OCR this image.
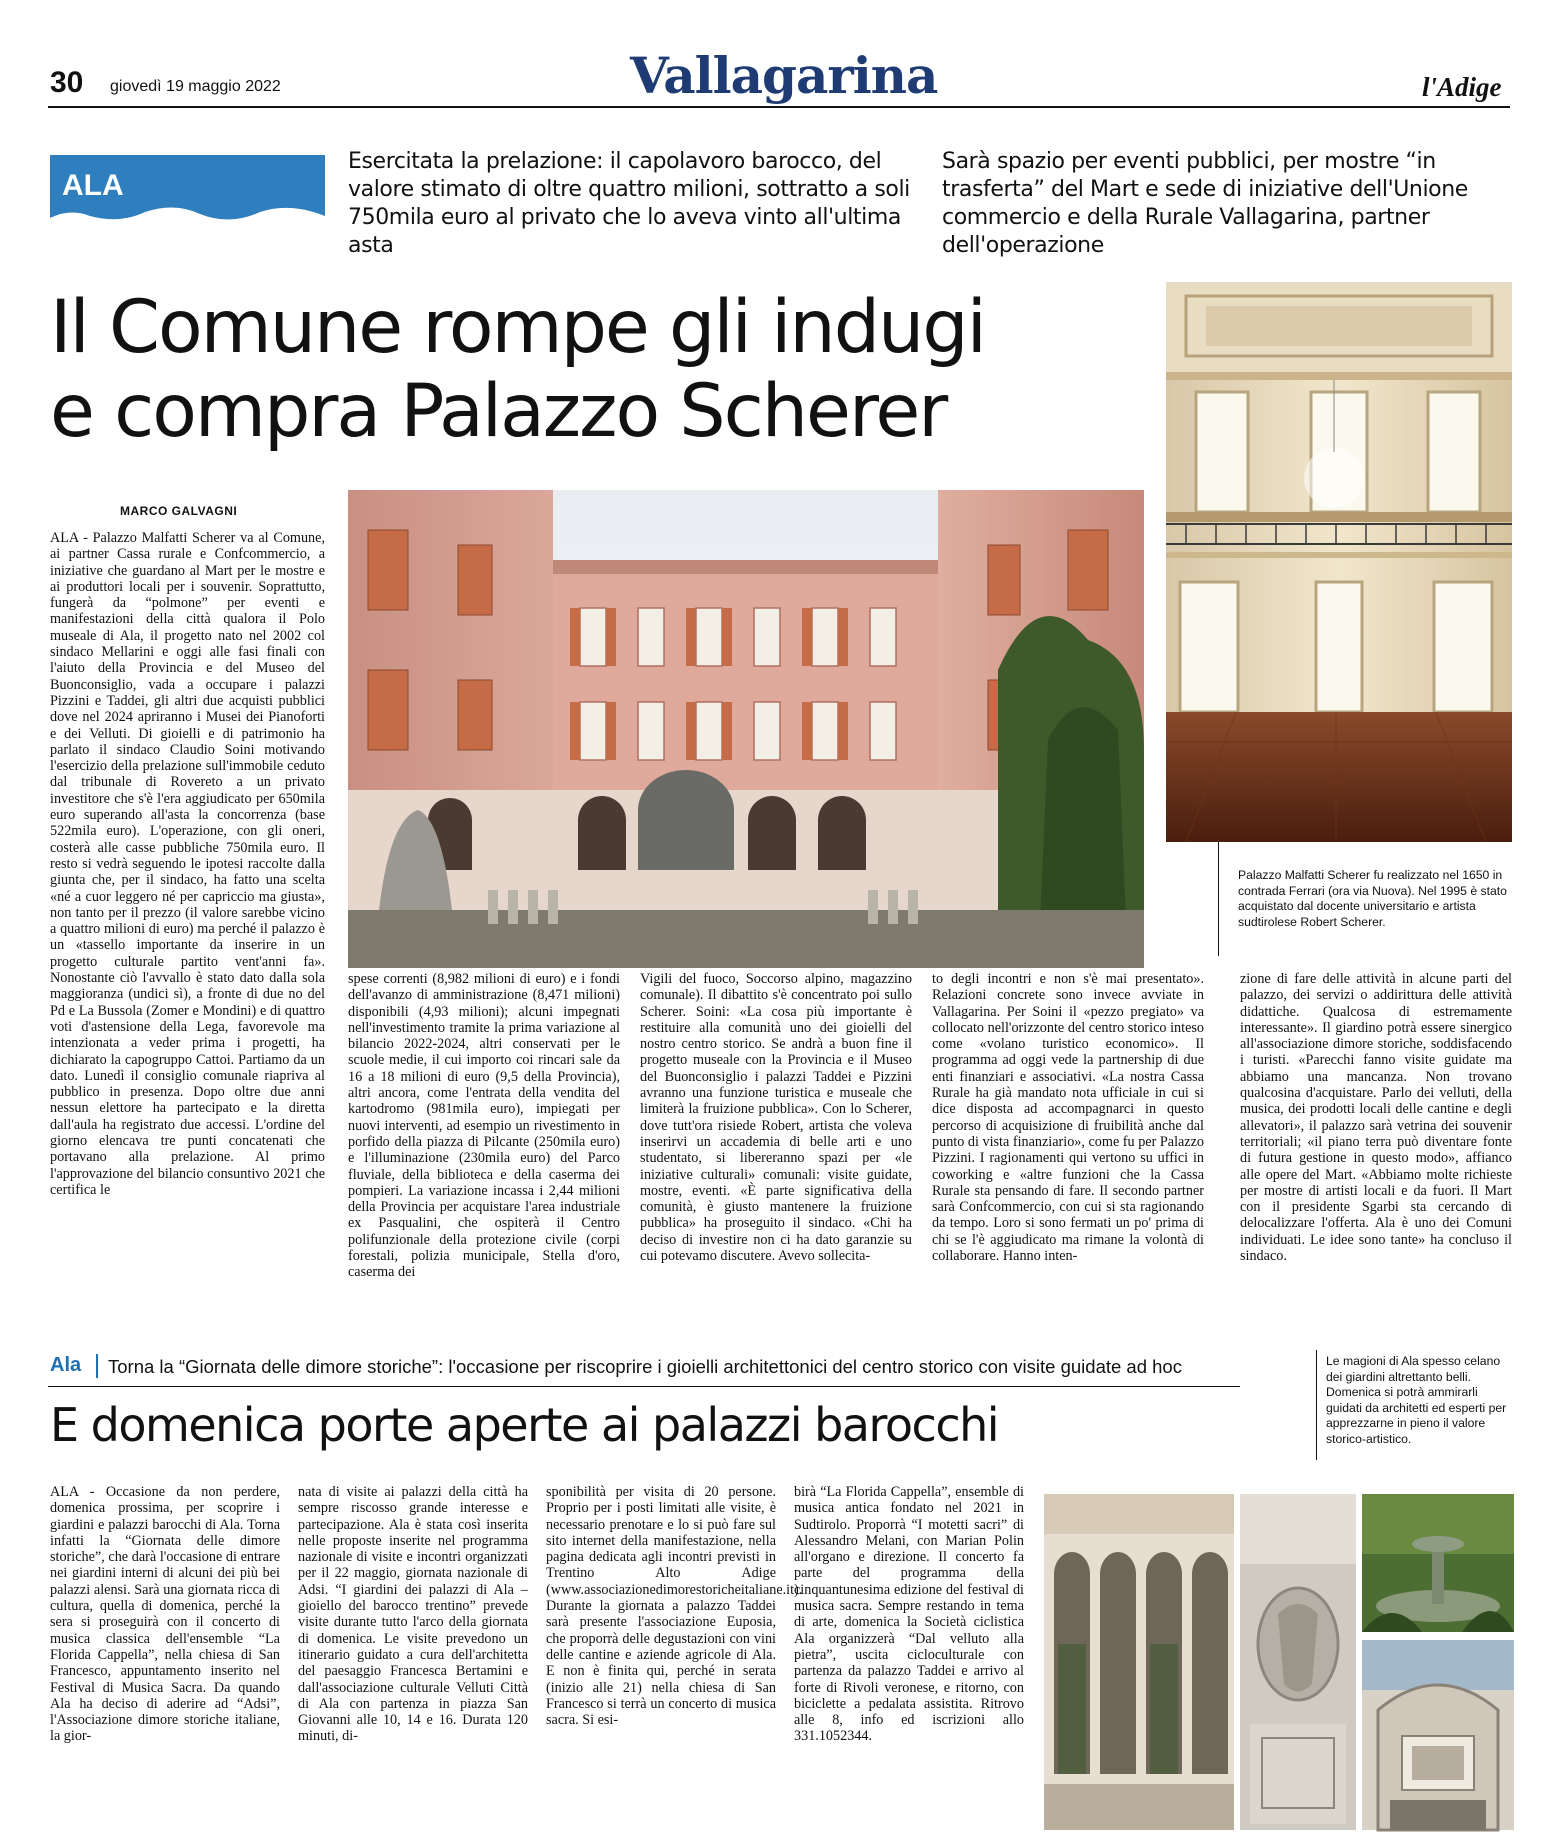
30 giovedì 19 maggio 2022	Vallagarina	l'Adige
ALA
Esercitata la prelazione: il capolavoro barocco, del valore stimato di oltre quattro milioni, sottratto a soli 750mila euro al privato che lo aveva vinto all'ultima asta
Sarà spazio per eventi pubblici, per mostre “in trasferta” del Mart e sede di iniziative dell'Unione commercio e della Rurale Vallagarina, partner dell'operazione
Il Comune rompe gli indugi
e compra Palazzo Scherer
Palazzo Malfatti Scherer fu realizzato nel 1650 in contrada Ferrari (ora via Nuova). Nel 1995 è stato acquistato dal docente universitario e artista sudtirolese Robert Scherer.
MARCO GALVAGNI
ALA - Palazzo Malfatti Scherer va al Comune, ai partner Cassa rurale e Confcommercio, a iniziative che guardano al Mart per le mostre e ai produttori locali per i souvenir. Soprattutto, fungerà da “polmone” per eventi e manifestazioni della città qualora il Polo museale di Ala, il progetto nato nel 2002 col sindaco Mellarini e oggi alle fasi finali con l'aiuto della Provincia e del Museo del Buonconsiglio, vada a occupare i palazzi Pizzini e Taddei, gli altri due acquisti pubblici dove nel 2024 apriranno i Musei dei Pianoforti e dei Velluti. Di gioielli e di patrimonio ha parlato il sindaco Claudio Soini motivando l'esercizio della prelazione sull'immobile ceduto dal tribunale di Rovereto a un privato investitore che s'è l'era aggiudicato per 650mila euro superando all'asta la concorrenza (base 522mila euro). L'operazione, con gli oneri, costerà alle casse pubbliche 750mila euro. Il resto si vedrà seguendo le ipotesi raccolte dalla giunta che, per il sindaco, ha fatto una scelta «né a cuor leggero né per capriccio ma giusta», non tanto per il prezzo (il valore sarebbe vicino a quattro milioni di euro) ma perché il palazzo è un «tassello importante da inserire in un progetto culturale partito vent'anni fa». Nonostante ciò l'avvallo è stato dato dalla sola maggioranza (undici sì), a fronte di due no del Pd e La Bussola (Zomer e Mondini) e di quattro voti d'astensione della Lega, favorevole ma intenzionata a veder prima i progetti, ha dichiarato la capogruppo Cattoi. Partiamo da un dato. Lunedì il consiglio comunale riapriva al pubblico in presenza. Dopo oltre due anni nessun elettore ha partecipato e la diretta dall'aula ha registrato due accessi. L'ordine del giorno elencava tre punti concatenati che portavano alla prelazione. Al primo l'approvazione del bilancio consuntivo 2021 che certifica le
spese correnti (8,982 milioni di euro) e i fondi dell'avanzo di amministrazione (8,471 milioni) disponibili (4,93 milioni); alcuni impegnati nell'investimento tramite la prima variazione al bilancio 2022-2024, altri conservati per le scuole medie, il cui importo coi rincari sale da 16 a 18 milioni di euro (9,5 della Provincia), altri ancora, come l'entrata della vendita del kartodromo (981mila euro), impiegati per nuovi interventi, ad esempio un rivestimento in porfido della piazza di Pilcante (250mila euro) e l'illuminazione (230mila euro) del Parco fluviale, della biblioteca e della caserma dei pompieri. La variazione incassa i 2,44 milioni della Provincia per acquistare l'area industriale ex Pasqualini, che ospiterà il Centro polifunzionale della protezione civile (corpi forestali, polizia municipale, Stella d'oro, caserma dei
Vigili del fuoco, Soccorso alpino, magazzino comunale). Il dibattito s'è concentrato poi sullo Scherer. Soini: «La cosa più importante è restituire alla comunità uno dei gioielli del nostro centro storico. Se andrà a buon fine il progetto museale con la Provincia e il Museo del Buonconsiglio i palazzi Taddei e Pizzini avranno una funzione turistica e museale che limiterà la fruizione pubblica». Con lo Scherer, dove tutt'ora risiede Robert, artista che voleva inserirvi un accademia di belle arti e uno studentato, si libereranno spazi per «le iniziative culturali» comunali: visite guidate, mostre, eventi. «È parte significativa della comunità, è giusto mantenere la fruizione pubblica» ha proseguito il sindaco. «Chi ha deciso di investire non ci ha dato garanzie su cui potevamo discutere. Avevo sollecita-
to degli incontri e non s'è mai presentato». Relazioni concrete sono invece avviate in Vallagarina. Per Soini il «pezzo pregiato» va collocato nell'orizzonte del centro storico inteso come «volano turistico economico». Il programma ad oggi vede la partnership di due enti finanziari e associativi. «La nostra Cassa Rurale ha già mandato nota ufficiale in cui si dice disposta ad accompagnarci in questo percorso di acquisizione di fruibilità anche dal punto di vista finanziario», come fu per Palazzo Pizzini. I ragionamenti qui vertono su uffici in coworking e «altre funzioni che la Cassa Rurale sta pensando di fare. Il secondo partner sarà Confcommercio, con cui si sta ragionando da tempo. Loro si sono fermati un po' prima di chi se l'è aggiudicato ma rimane la volontà di collaborare. Hanno inten-
zione di fare delle attività in alcune parti del palazzo, dei servizi o addirittura delle attività didattiche. Qualcosa di estremamente interessante». Il giardino potrà essere sinergico all'associazione dimore storiche, soddisfacendo i turisti. «Parecchi fanno visite guidate ma abbiamo una mancanza. Non trovano qualcosina d'acquistare. Parlo dei velluti, della musica, dei prodotti locali delle cantine e degli allevatori», il palazzo sarà vetrina dei souvenir territoriali; «il piano terra può diventare fonte di futura gestione in questo modo», affianco alle opere del Mart. «Abbiamo molte richieste per mostre di artisti locali e da fuori. Il Mart con il presidente Sgarbi sta cercando di delocalizzare l'offerta. Ala è uno dei Comuni individuati. Le idee sono tante» ha concluso il sindaco.
Ala Torna la “Giornata delle dimore storiche”: l'occasione per riscoprire i gioielli architettonici del centro storico con visite guidate ad hoc
E domenica porte aperte ai palazzi barocchi
Le magioni di Ala spesso celano dei giardini altrettanto belli. Domenica si potrà ammirarli guidati da architetti ed esperti per apprezzarne in pieno il valore storico-artistico.
ALA - Occasione da non perdere, domenica prossima, per scoprire i giardini e palazzi barocchi di Ala. Torna infatti la “Giornata delle dimore storiche”, che darà l'occasione di entrare nei giardini interni di alcuni dei più bei palazzi alensi. Sarà una giornata ricca di cultura, quella di domenica, perché la sera si proseguirà con il concerto di musica classica dell'ensemble “La Florida Cappella”, nella chiesa di San Francesco, appuntamento inserito nel Festival di Musica Sacra. Da quando Ala ha deciso di aderire ad “Adsi”, l'Associazione dimore storiche italiane, la gior-
nata di visite ai palazzi della città ha sempre riscosso grande interesse e partecipazione. Ala è stata così inserita nelle proposte inserite nel programma nazionale di visite e incontri organizzati per il 22 maggio, giornata nazionale di Adsi. “I giardini dei palazzi di Ala – gioiello del barocco trentino” prevede visite durante tutto l'arco della giornata di domenica. Le visite prevedono un itinerario guidato a cura dell'architetta del paesaggio Francesca Bertamini e dall'associazione culturale Velluti Città di Ala con partenza in piazza San Giovanni alle 10, 14 e 16. Durata 120 minuti, di-
sponibilità per visita di 20 persone. Proprio per i posti limitati alle visite, è necessario prenotare e lo si può fare sul sito internet della manifestazione, nella pagina dedicata agli incontri previsti in Trentino Alto Adige (www.associazionedimorestoricheitaliane.it). Durante la giornata a palazzo Taddei sarà presente l'associazione Euposia, che proporrà delle degustazioni con vini delle cantine e aziende agricole di Ala. E non è finita qui, perché in serata (inizio alle 21) nella chiesa di San Francesco si terrà un concerto di musica sacra. Si esi-
birà “La Florida Cappella”, ensemble di musica antica fondato nel 2021 in Sudtirolo. Proporrà “I motetti sacri” di Alessandro Melani, con Marian Polin all'organo e direzione. Il concerto fa parte del programma della cinquantunesima edizione del festival di musica sacra. Sempre restando in tema di arte, domenica la Società ciclistica Ala organizzerà “Dal velluto alla pietra”, uscita cicloculturale con partenza da palazzo Taddei e arrivo al forte di Rivoli veronese, e ritorno, con biciclette a pedalata assistita. Ritrovo alle 8, info ed iscrizioni allo 331.1052344.
